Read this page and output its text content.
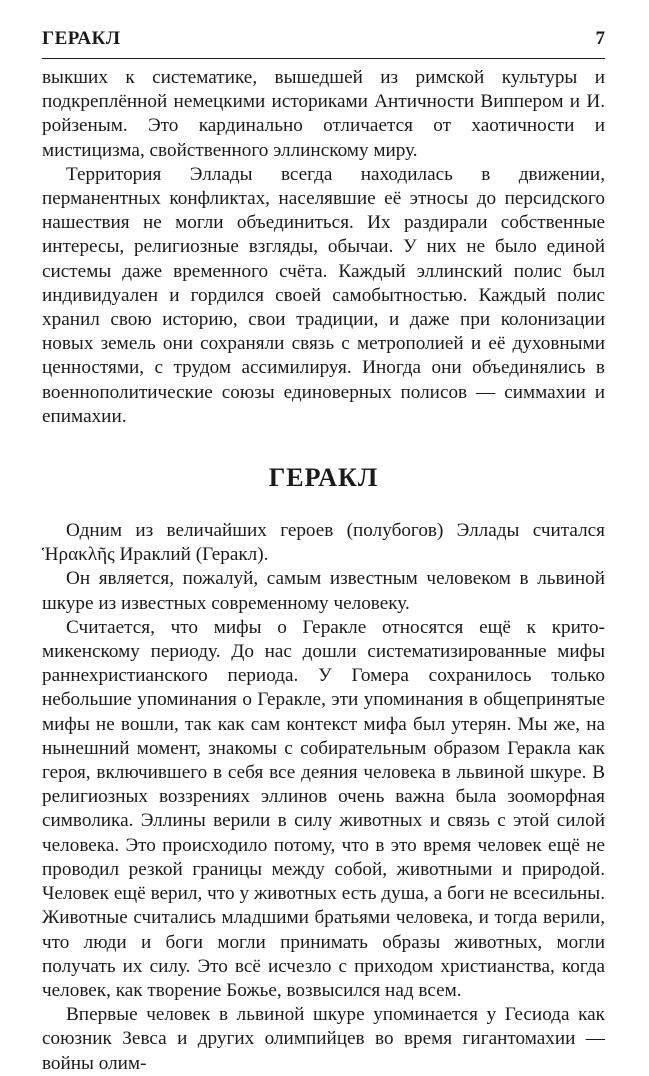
ГЕРАКЛ	7

выкших к систематике, вышедшей из римской культуры и подкреплённой немецкими историками Античности Виппером и И. ройзеным. Это кардинально отличается от хаотичности и мистицизма, свойственного эллинскому миру.

Территория Эллады всегда находилась в движении, перманентных конфликтах, населявшие её этносы до персидского нашествия не могли объединиться. Их раздирали собственные интересы, религиозные взгляды, обычаи. У них не было единой системы даже временного счёта. Каждый эллинский полис был индивидуален и гордился своей самобытностью. Каждый полис хранил свою историю, свои традиции, и даже при колонизации новых земель они сохраняли связь с метрополией и её духовными ценностями, с трудом ассимилируя. Иногда они объединялись в военнополитические союзы единоверных полисов — симмахии и епимахии.

ГЕРАКЛ

Одним из величайших героев (полубогов) Эллады считался Ἡρακλῆς Ираклий (Геракл).

Он является, пожалуй, самым известным человеком в львиной шкуре из известных современному человеку.

Считается, что мифы о Геракле относятся ещё к крито-микенскому периоду. До нас дошли систематизированные мифы раннехристианского периода. У Гомера сохранилось только небольшие упоминания о Геракле, эти упоминания в общепринятые мифы не вошли, так как сам контекст мифа был утерян. Мы же, на нынешний момент, знакомы с собирательным образом Геракла как героя, включившего в себя все деяния человека в львиной шкуре. В религиозных воззрениях эллинов очень важна была зооморфная символика. Эллины верили в силу животных и связь с этой силой человека. Это происходило потому, что в это время человек ещё не проводил резкой границы между собой, животными и природой. Человек ещё верил, что у животных есть душа, а боги не всесильны. Животные считались младшими братьями человека, и тогда верили, что люди и боги могли принимать образы животных, могли получать их силу. Это всё исчезло с приходом христианства, когда человек, как творение Божье, возвысился над всем.

Впервые человек в львиной шкуре упоминается у Гесиода как союзник Зевса и других олимпийцев во время гигантомахии — войны олим-
